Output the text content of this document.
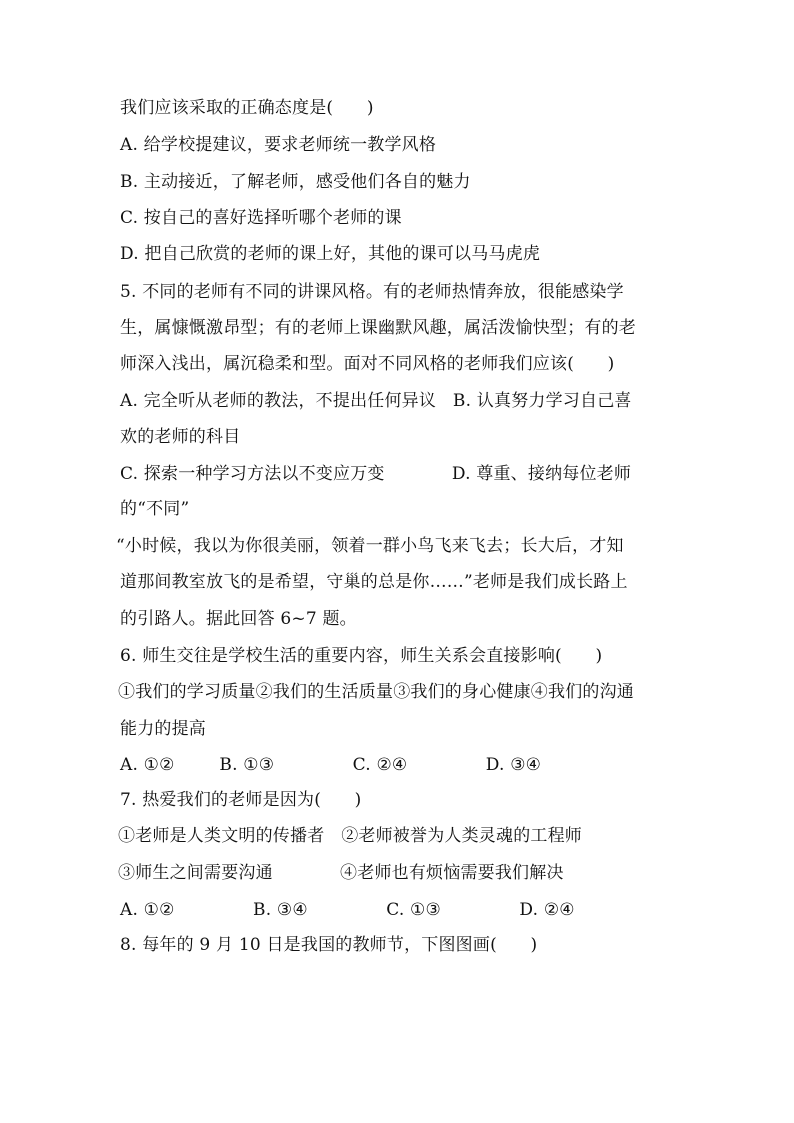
我们应该采取的正确态度是(      )
A. 给学校提建议，要求老师统一教学风格
B. 主动接近，了解老师，感受他们各自的魅力
C. 按自己的喜好选择听哪个老师的课
D. 把自己欣赏的老师的课上好，其他的课可以马马虎虎
5. 不同的老师有不同的讲课风格。有的老师热情奔放，很能感染学
生，属慷慨激昂型；有的老师上课幽默风趣，属活泼愉快型；有的老
师深入浅出，属沉稳柔和型。面对不同风格的老师我们应该(      )
A. 完全听从老师的教法，不提出任何异议   B. 认真努力学习自己喜
欢的老师的科目
C. 探索一种学习方法以不变应万变            D. 尊重、接纳每位老师
的“不同”
“小时候，我以为你很美丽，领着一群小鸟飞来飞去；长大后，才知
道那间教室放飞的是希望，守巢的总是你……”老师是我们成长路上
的引路人。据此回答 6~7 题。
6. 师生交往是学校生活的重要内容，师生关系会直接影响(      )
①我们的学习质量②我们的生活质量③我们的身心健康④我们的沟通
能力的提高
A. ①②        B. ①③              C. ②④              D. ③④
7. 热爱我们的老师是因为(      )
①老师是人类文明的传播者   ②老师被誉为人类灵魂的工程师
③师生之间需要沟通            ④老师也有烦恼需要我们解决
A. ①②              B. ③④              C. ①③              D. ②④
8. 每年的 9 月 10 日是我国的教师节，下图图画(      )
